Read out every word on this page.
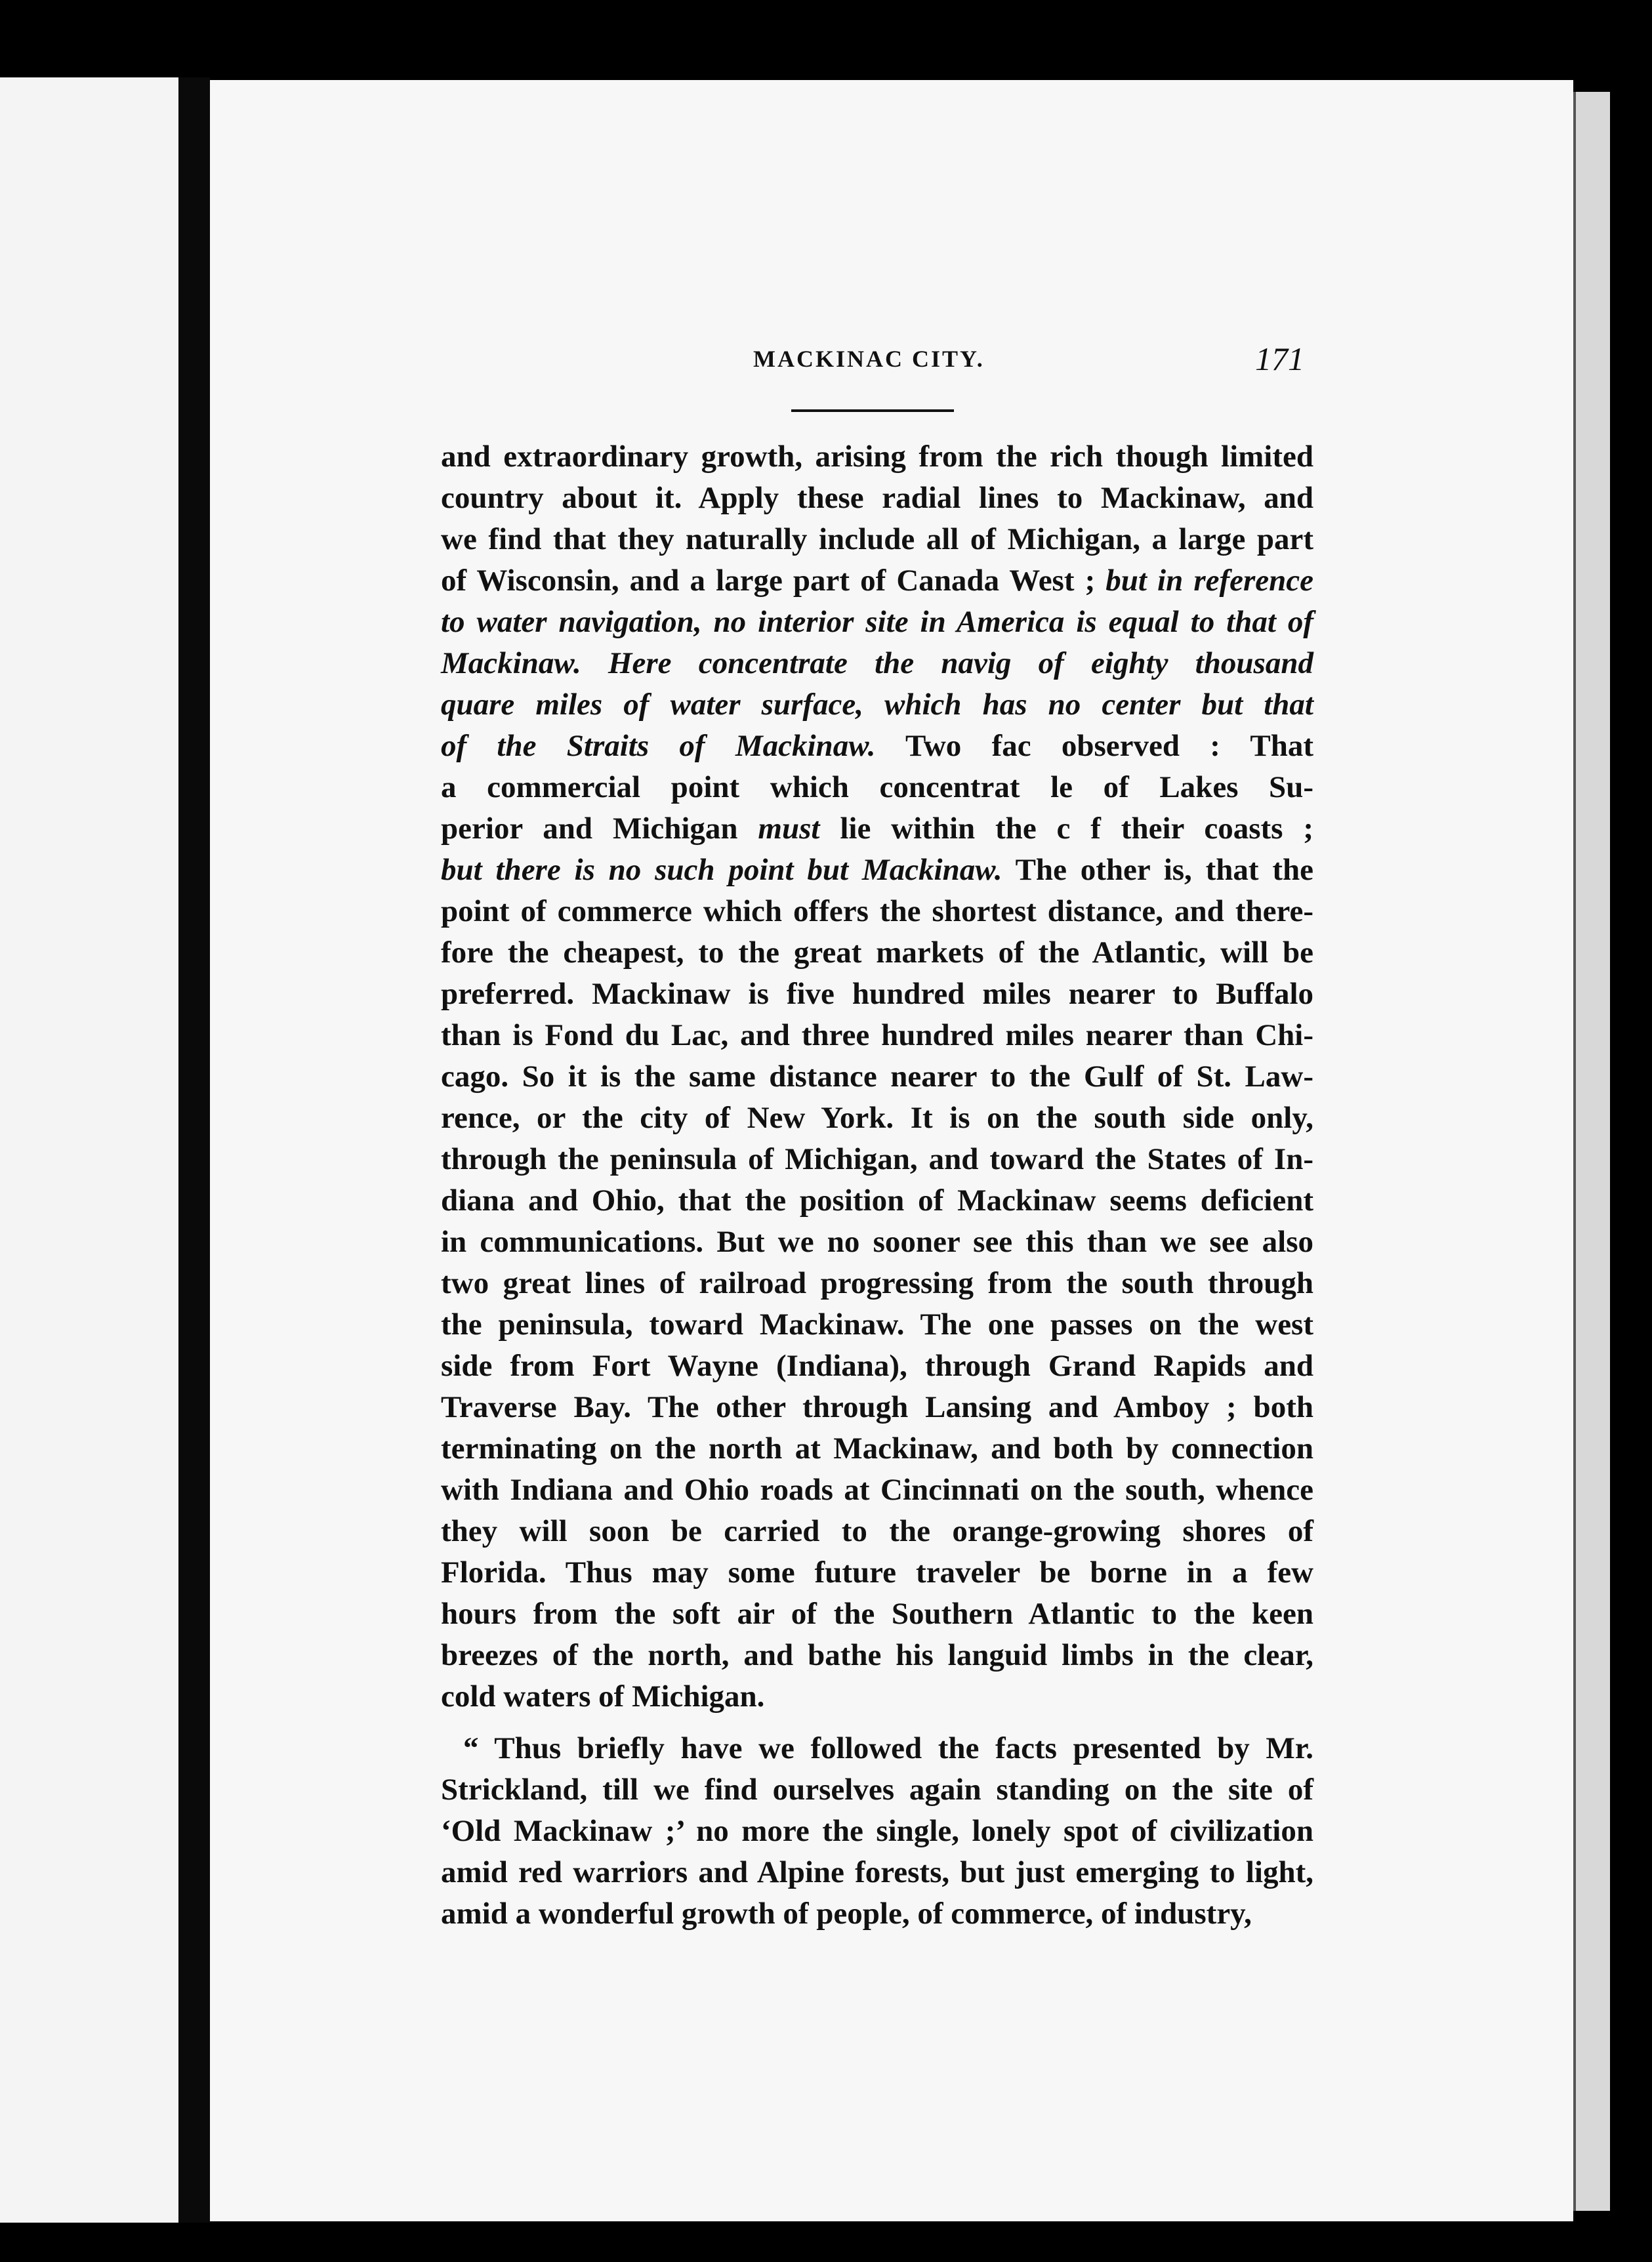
MACKINAC CITY.	171
and extraordinary growth, arising from the rich though limited
country about it. Apply these radial lines to Mackinaw, and
we find that they naturally include all of Michigan, a large part
of Wisconsin, and a large part of Canada West ; but in reference
to water navigation, no interior site in America is equal to that of
Mackinaw. Here concentrate the navig of eighty thousand
quare miles of water surface, which has no center but that
of the Straits of Mackinaw. Two fac observed : That
a commercial point which concentrat le of Lakes Su-
perior and Michigan must lie within the c f their coasts ;
but there is no such point but Mackinaw. The other is, that the
point of commerce which offers the shortest distance, and there-
fore the cheapest, to the great markets of the Atlantic, will be
preferred. Mackinaw is five hundred miles nearer to Buffalo
than is Fond du Lac, and three hundred miles nearer than Chi-
cago. So it is the same distance nearer to the Gulf of St. Law-
rence, or the city of New York. It is on the south side only,
through the peninsula of Michigan, and toward the States of In-
diana and Ohio, that the position of Mackinaw seems deficient
in communications. But we no sooner see this than we see also
two great lines of railroad progressing from the south through
the peninsula, toward Mackinaw. The one passes on the west
side from Fort Wayne (Indiana), through Grand Rapids and
Traverse Bay. The other through Lansing and Amboy ; both
terminating on the north at Mackinaw, and both by connection
with Indiana and Ohio roads at Cincinnati on the south, whence
they will soon be carried to the orange-growing shores of
Florida. Thus may some future traveler be borne in a few
hours from the soft air of the Southern Atlantic to the keen
breezes of the north, and bathe his languid limbs in the clear,
cold waters of Michigan.
“ Thus briefly have we followed the facts presented by Mr.
Strickland, till we find ourselves again standing on the site of
‘Old Mackinaw ;’ no more the single, lonely spot of civilization
amid red warriors and Alpine forests, but just emerging to light,
amid a wonderful growth of people, of commerce, of industry,
